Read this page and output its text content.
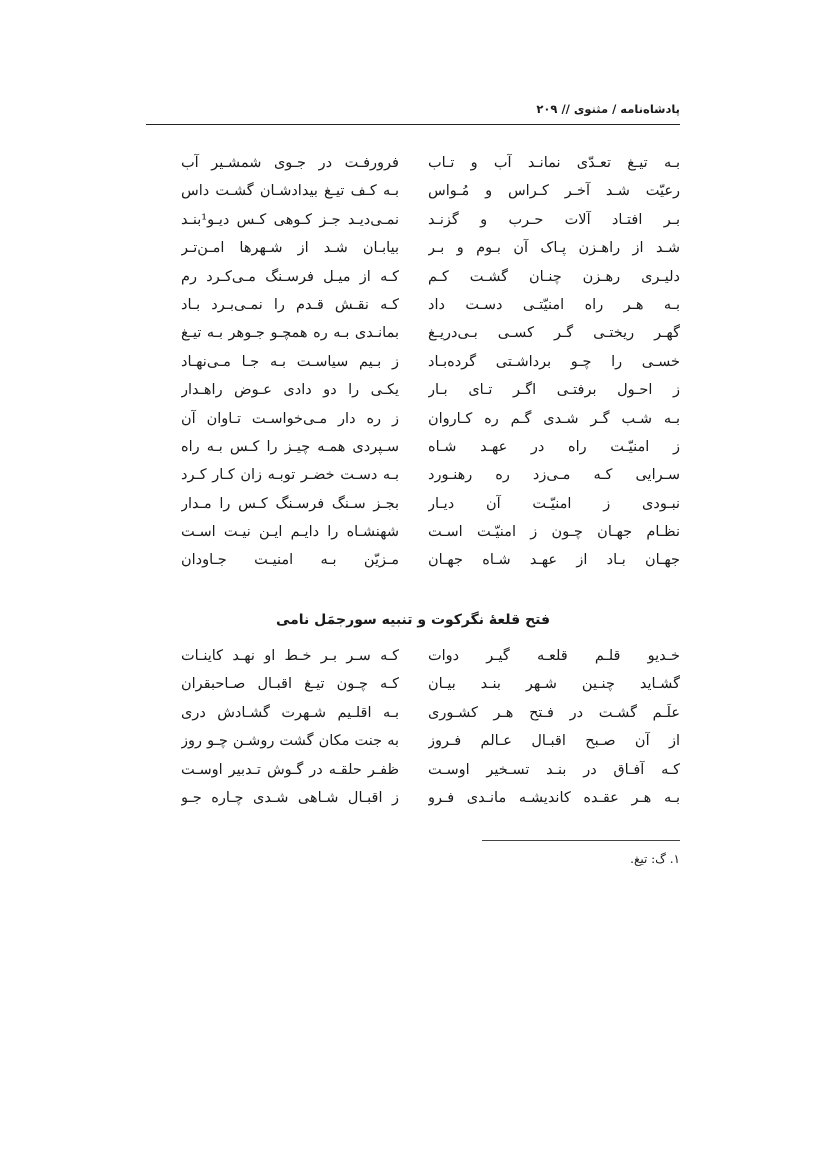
پادشاه‌نامه / مثنوی // ۲۰۹
بـه تیـغ تعـدّی نمانـد آب و تـاب
فرورفـت در جـوی شمشـیر آب
رعیّت شـد آخـر کـراس و مُـواس
بـه کـف تیـغ بیدادشـان گشـت داس
بـر افتـاد آلات حـرب و گزنـد
نمـی‌دیـد جـز کـوهی کـس دیـو¹بنـد
شـد از راهـزن پـاک آن بـوم و بـر
بیابـان شـد از شـهرها امـن‌تـر
دلیـری رهـزن چنـان گشـت کـم
کـه از میـل فرسـنگ مـی‌کـرد رم
بـه هـر راه امنیّتـی دسـت داد
کـه نقـش قـدم را نمـی‌بـرد بـاد
گهـر ریختـی گـر کسـی بـی‌دریـغ
بمانـدی بـه ره همچـو جـوهر بـه تیـغ
خسـی را چـو برداشـتی گرده‌بـاد
ز بـیم سیاسـت بـه جـا مـی‌نهـاد
ز احـول برفتـی اگـر تـای بـار
یکـی را دو دادی عـوض راهـدار
بـه شـب گـر شـدی گـم ره کـاروان
ز ره دار مـی‌خواسـت تـاوان آن
ز امنیّـت راه در عهـد شـاه
سـپردی همـه چیـز را کـس بـه راه
سـرایی کـه مـی‌زد ره رهنـورد
بـه دسـت خضـر توبـه زان کـار کـرد
نبـودی ز امنیّـت آن دیـار
بجـز سـنگ فرسـنگ کـس را مـدار
نظـام جهـان چـون ز امنیّـت اسـت
شهنشـاه را دایـم ایـن نیـت اسـت
جهـان بـاد از عهـد شـاه جهـان
مـزیّن بـه امنیـت جـاودان
فتح قلعۀ نگرکوت و تنبیه سورجمَل نامی
خـدیو قلـم قلعـه گیـر دوات
کـه سـر بـر خـط او نهـد کاینـات
گشـاید چنـین شـهر بنـد بیـان
کـه چـون تیـغ اقبـال صـاحبقران
علَـم گشـت در فـتح هـر کشـوری
بـه اقلـیم شـهرت گشـادش دری
از آن صـبح اقبـال عـالم فـروز
به جنت مکان گشت روشـن چـو روز
کـه آفـاق در بنـد تسـخیر اوسـت
ظفـر حلقـه در گـوش تـدبیر اوسـت
بـه هـر عقـده کاندیشـه مانـدی فـرو
ز اقبـال شـاهی شـدی چـاره جـو
۱. گ: تیغ.
